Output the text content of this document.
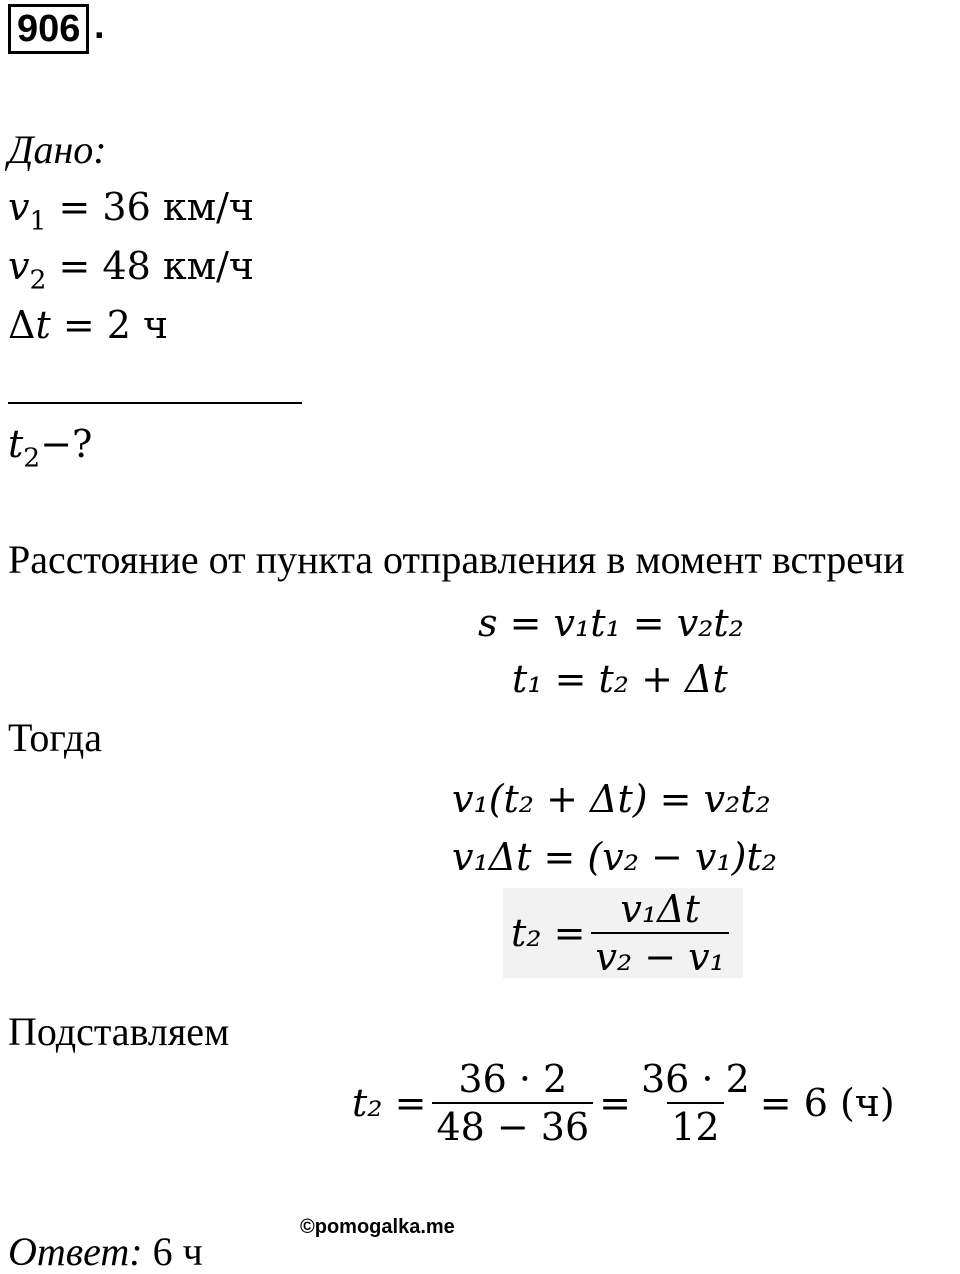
906 .
Дано:
$v_1 = 36$ км/ч
$v_2 = 48$ км/ч
Δt = 2 ч
$t_2-$?
Расстояние от пункта отправления в момент встречи
s = v₁t₁ = v₂t₂
t₁ = t₂ + Δt
Тогда
v₁(t₂ + Δt) = v₂t₂
v₁Δt = (v₂ − v₁)t₂
$t_2 = \frac{\text{v₁Δt}}{\text{v₂ − v₁}}$
Подставляем
$t_2 = \frac{36 \cdot 2}{48 - 36} = \frac{36 \cdot 2}{12} = 6$ (ч)
©pomogalka.me
Ответ: 6 ч
